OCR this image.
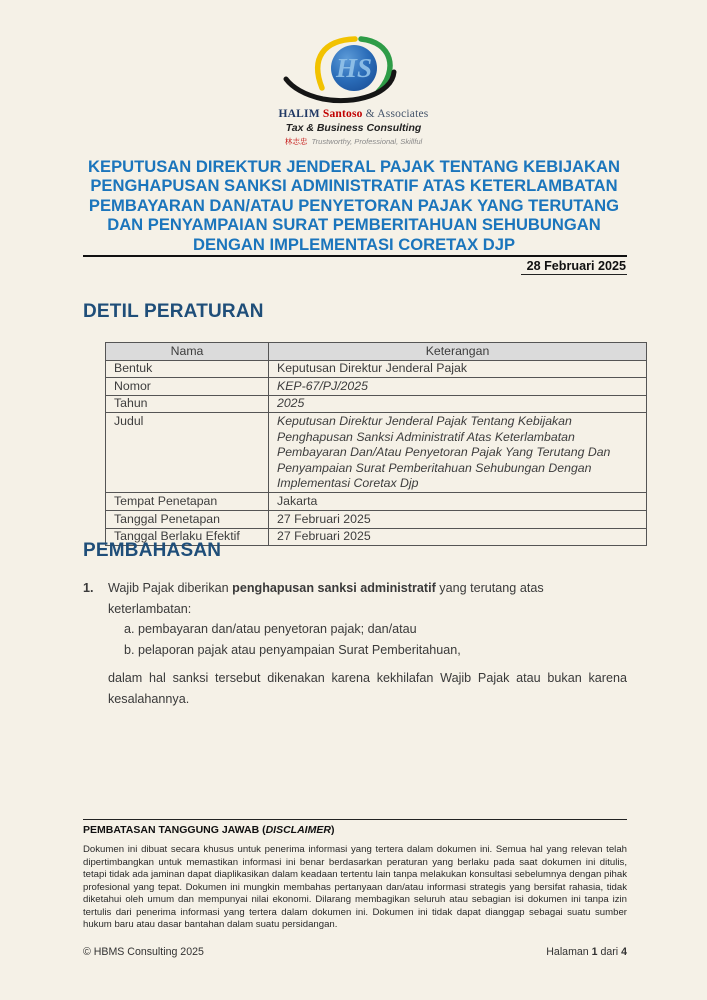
HS
HALIM Santoso & Associates
Tax & Business Consulting
林志忠 Trustworthy, Professional, Skillful
KEPUTUSAN DIREKTUR JENDERAL PAJAK TENTANG KEBIJAKAN PENGHAPUSAN SANKSI ADMINISTRATIF ATAS KETERLAMBATAN PEMBAYARAN DAN/ATAU PENYETORAN PAJAK YANG TERUTANG DAN PENYAMPAIAN SURAT PEMBERITAHUAN SEHUBUNGAN DENGAN IMPLEMENTASI CORETAX DJP
28 Februari 2025
DETIL PERATURAN
Nama	Keterangan
Bentuk	Keputusan Direktur Jenderal Pajak
Nomor	KEP-67/PJ/2025
Tahun	2025
Judul	Keputusan Direktur Jenderal Pajak Tentang Kebijakan Penghapusan Sanksi Administratif Atas Keterlambatan Pembayaran Dan/Atau Penyetoran Pajak Yang Terutang Dan Penyampaian Surat Pemberitahuan Sehubungan Dengan Implementasi Coretax Djp
Tempat Penetapan	Jakarta
Tanggal Penetapan	27 Februari 2025
Tanggal Berlaku Efektif	27 Februari 2025
PEMBAHASAN
1.	Wajib Pajak diberikan penghapusan sanksi administratif yang terutang atas keterlambatan:
a. pembayaran dan/atau penyetoran pajak; dan/atau
b. pelaporan pajak atau penyampaian Surat Pemberitahuan,
dalam hal sanksi tersebut dikenakan karena kekhilafan Wajib Pajak atau bukan karena kesalahannya.
PEMBATASAN TANGGUNG JAWAB (DISCLAIMER)
Dokumen ini dibuat secara khusus untuk penerima informasi yang tertera dalam dokumen ini. Semua hal yang relevan telah dipertimbangkan untuk memastikan informasi ini benar berdasarkan peraturan yang berlaku pada saat dokumen ini ditulis, tetapi tidak ada jaminan dapat diaplikasikan dalam keadaan tertentu lain tanpa melakukan konsultasi sebelumnya dengan pihak profesional yang tepat. Dokumen ini mungkin membahas pertanyaan dan/atau informasi strategis yang bersifat rahasia, tidak diketahui oleh umum dan mempunyai nilai ekonomi. Dilarang membagikan seluruh atau sebagian isi dokumen ini tanpa izin tertulis dari penerima informasi yang tertera dalam dokumen ini. Dokumen ini tidak dapat dianggap sebagai suatu sumber hukum baru atau dasar bantahan dalam suatu persidangan.
© HBMS Consulting 2025	Halaman 1 dari 4
